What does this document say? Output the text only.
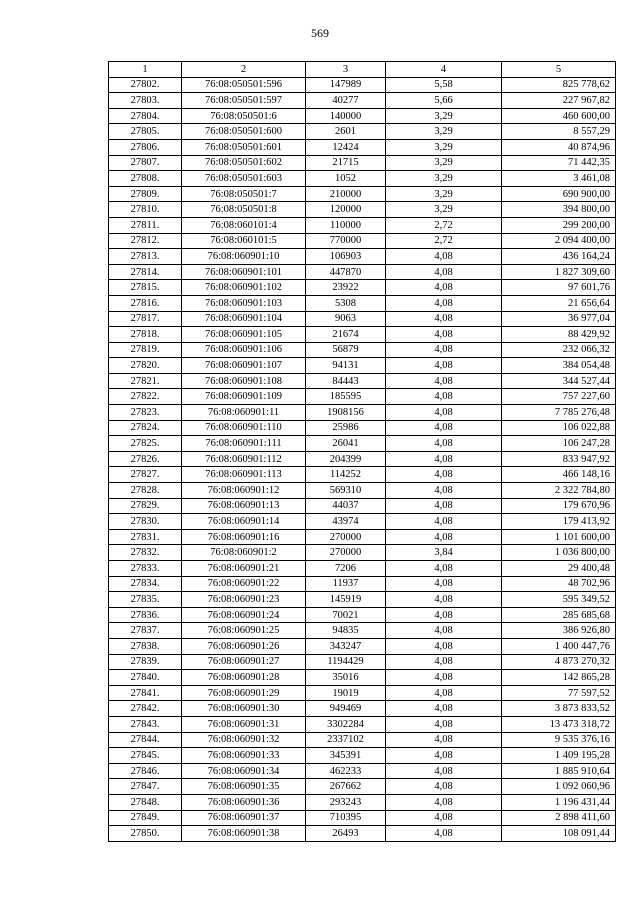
569
1	2	3	4	5
27802.	76:08:050501:596	147989	5,58	825 778,62
27803.	76:08:050501:597	40277	5,66	227 967,82
27804.	76:08:050501:6	140000	3,29	460 600,00
27805.	76:08:050501:600	2601	3,29	8 557,29
27806.	76:08:050501:601	12424	3,29	40 874,96
27807.	76:08:050501:602	21715	3,29	71 442,35
27808.	76:08:050501:603	1052	3,29	3 461,08
27809.	76:08:050501:7	210000	3,29	690 900,00
27810.	76:08:050501:8	120000	3,29	394 800,00
27811.	76:08:060101:4	110000	2,72	299 200,00
27812.	76:08:060101:5	770000	2,72	2 094 400,00
27813.	76:08:060901:10	106903	4,08	436 164,24
27814.	76:08:060901:101	447870	4,08	1 827 309,60
27815.	76:08:060901:102	23922	4,08	97 601,76
27816.	76:08:060901:103	5308	4,08	21 656,64
27817.	76:08:060901:104	9063	4,08	36 977,04
27818.	76:08:060901:105	21674	4,08	88 429,92
27819.	76:08:060901:106	56879	4,08	232 066,32
27820.	76:08:060901:107	94131	4,08	384 054,48
27821.	76:08:060901:108	84443	4,08	344 527,44
27822.	76:08:060901:109	185595	4,08	757 227,60
27823.	76:08:060901:11	1908156	4,08	7 785 276,48
27824.	76:08:060901:110	25986	4,08	106 022,88
27825.	76:08:060901:111	26041	4,08	106 247,28
27826.	76:08:060901:112	204399	4,08	833 947,92
27827.	76:08:060901:113	114252	4,08	466 148,16
27828.	76:08:060901:12	569310	4,08	2 322 784,80
27829.	76:08:060901:13	44037	4,08	179 670,96
27830.	76:08:060901:14	43974	4,08	179 413,92
27831.	76:08:060901:16	270000	4,08	1 101 600,00
27832.	76:08:060901:2	270000	3,84	1 036 800,00
27833.	76:08:060901:21	7206	4,08	29 400,48
27834.	76:08:060901:22	11937	4,08	48 702,96
27835.	76:08:060901:23	145919	4,08	595 349,52
27836.	76:08:060901:24	70021	4,08	285 685,68
27837.	76:08:060901:25	94835	4,08	386 926,80
27838.	76:08:060901:26	343247	4,08	1 400 447,76
27839.	76:08:060901:27	1194429	4,08	4 873 270,32
27840.	76:08:060901:28	35016	4,08	142 865,28
27841.	76:08:060901:29	19019	4,08	77 597,52
27842.	76:08:060901:30	949469	4,08	3 873 833,52
27843.	76:08:060901:31	3302284	4,08	13 473 318,72
27844.	76:08:060901:32	2337102	4,08	9 535 376,16
27845.	76:08:060901:33	345391	4,08	1 409 195,28
27846.	76:08:060901:34	462233	4,08	1 885 910,64
27847.	76:08:060901:35	267662	4,08	1 092 060,96
27848.	76:08:060901:36	293243	4,08	1 196 431,44
27849.	76:08:060901:37	710395	4,08	2 898 411,60
27850.	76:08:060901:38	26493	4,08	108 091,44
